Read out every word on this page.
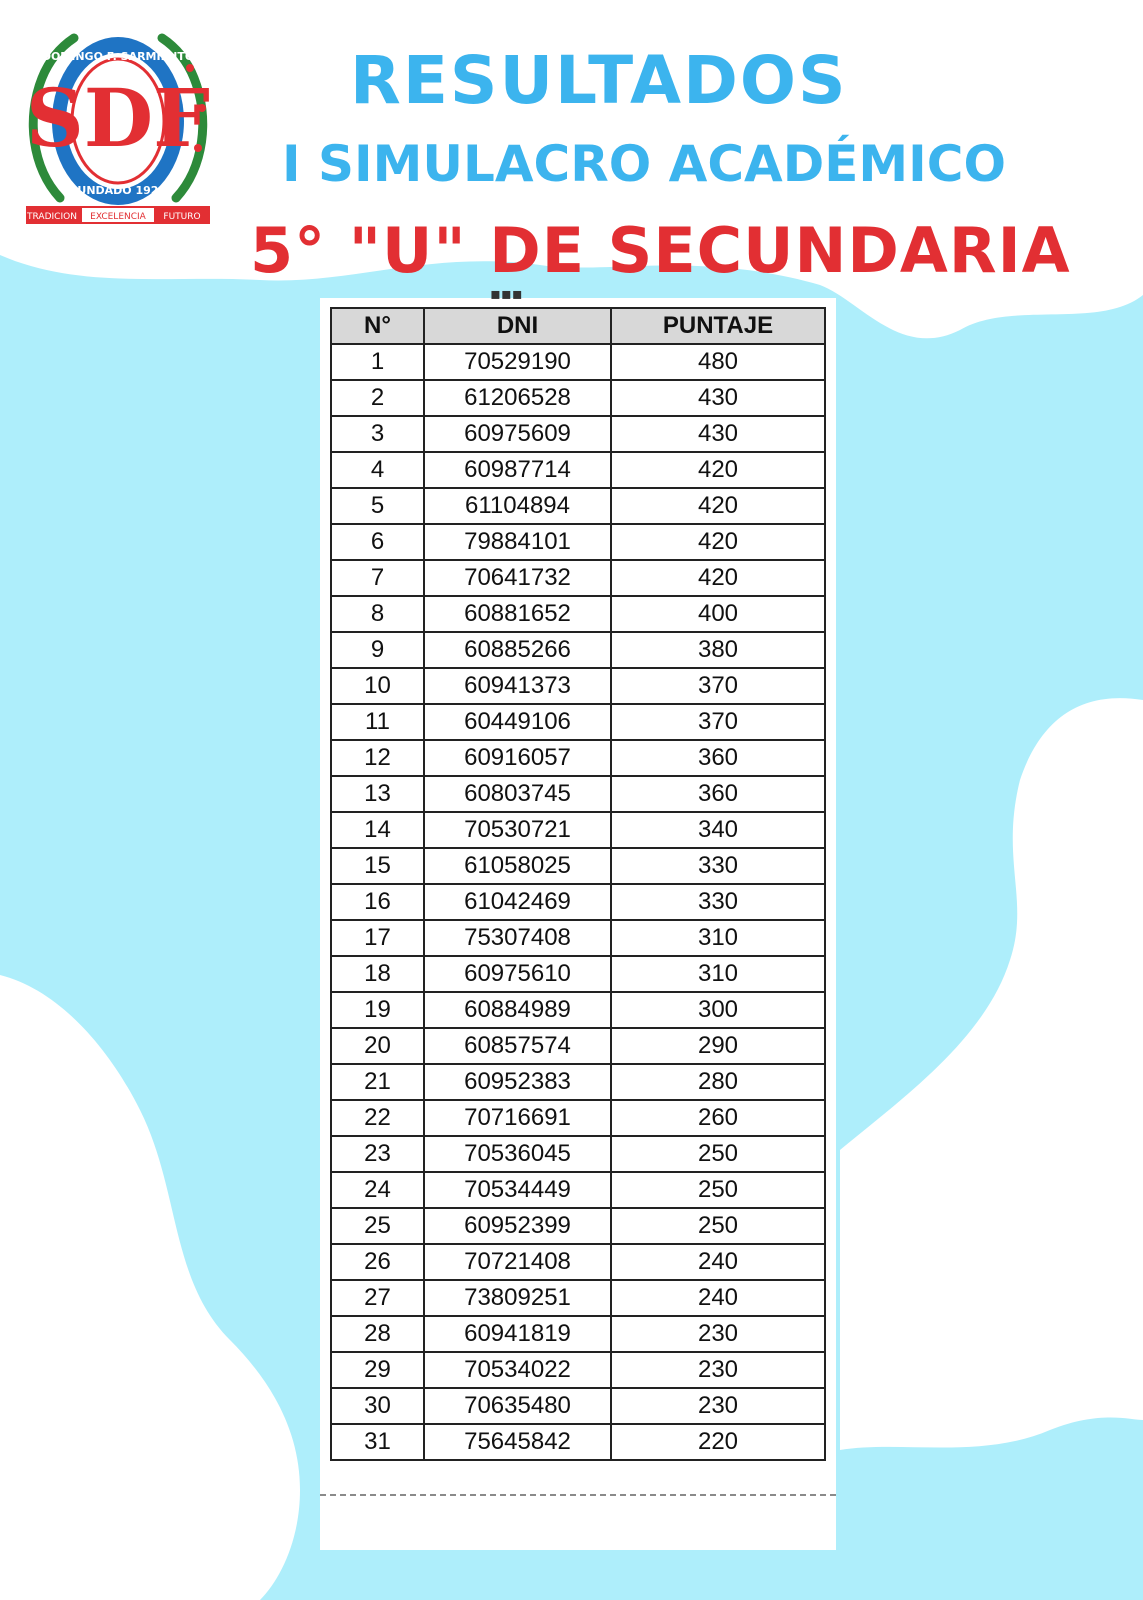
SDF
DOMINGO F. SARMIENTO
FUNDADO 1922
TRADICION EXCELENCIA FUTURO
RESULTADOS
I SIMULACRO ACADÉMICO
5° "U" DE SECUNDARIA
▪▪▪
N°	DNI	PUNTAJE
1	70529190	480
2	61206528	430
3	60975609	430
4	60987714	420
5	61104894	420
6	79884101	420
7	70641732	420
8	60881652	400
9	60885266	380
10	60941373	370
11	60449106	370
12	60916057	360
13	60803745	360
14	70530721	340
15	61058025	330
16	61042469	330
17	75307408	310
18	60975610	310
19	60884989	300
20	60857574	290
21	60952383	280
22	70716691	260
23	70536045	250
24	70534449	250
25	60952399	250
26	70721408	240
27	73809251	240
28	60941819	230
29	70534022	230
30	70635480	230
31	75645842	220
